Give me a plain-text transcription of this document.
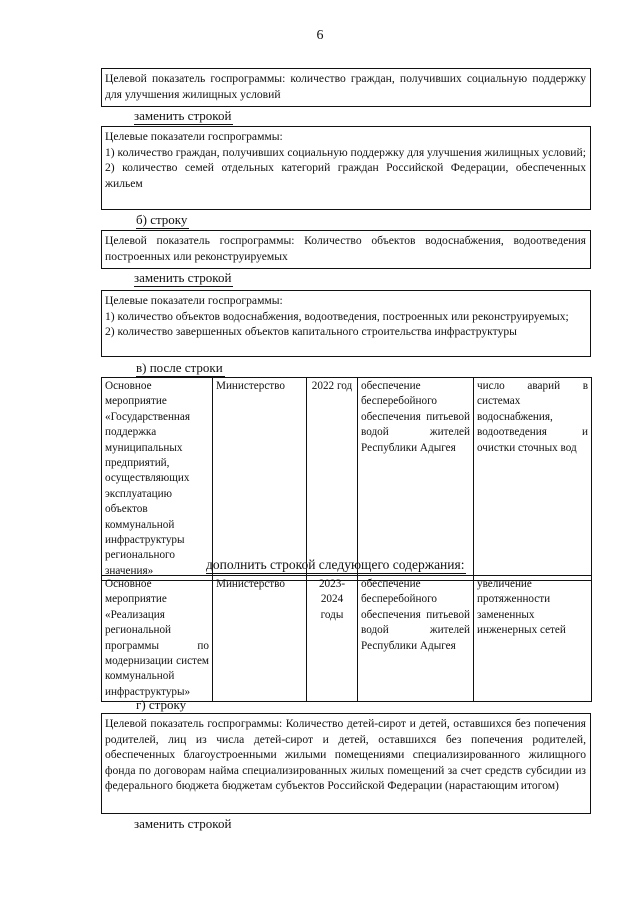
6

Целевой показатель госпрограммы: количество граждан, получивших социальную поддержку для улучшения жилищных условий

заменить строкой

Целевые показатели госпрограммы:

1) количество граждан, получивших социальную поддержку для улучшения жилищных условий;

2) количество семей отдельных категорий граждан Российской Федерации, обеспеченных жильем

б) строку

Целевой показатель госпрограммы: Количество объектов водоснабжения, водоотведения построенных или реконструируемых

заменить строкой

Целевые показатели госпрограммы:

1) количество объектов водоснабжения, водоотведения, построенных или реконструируемых;

2) количество завершенных объектов капитального строительства инфраструктуры

в) после строки
Основное мероприятие «Государственная поддержка муниципальных предприятий, осуществляющих эксплуатацию объектов коммунальной инфраструктуры регионального значения»	Министерство	2022 год	обеспечение бесперебойного обеспечения питьевой водой жителей Республики Адыгея	число аварий в системах водоснабжения, водоотведения и очистки сточных вод
дополнить строкой следующего содержания:
Основное мероприятие «Реализация региональной программы по модернизации систем коммунальной инфраструктуры»	Министерство	2023-2024 годы	обеспечение бесперебойного обеспечения питьевой водой жителей Республики Адыгея	увеличение протяженности замененных инженерных сетей
г) строку

Целевой показатель госпрограммы: Количество детей-сирот и детей, оставшихся без попечения родителей, лиц из числа детей-сирот и детей, оставшихся без попечения родителей, обеспеченных благоустроенными жилыми помещениями специализированного жилищного фонда по договорам найма специализированных жилых помещений за счет средств субсидии из федерального бюджета бюджетам субъектов Российской Федерации (нарастающим итогом)

заменить строкой
